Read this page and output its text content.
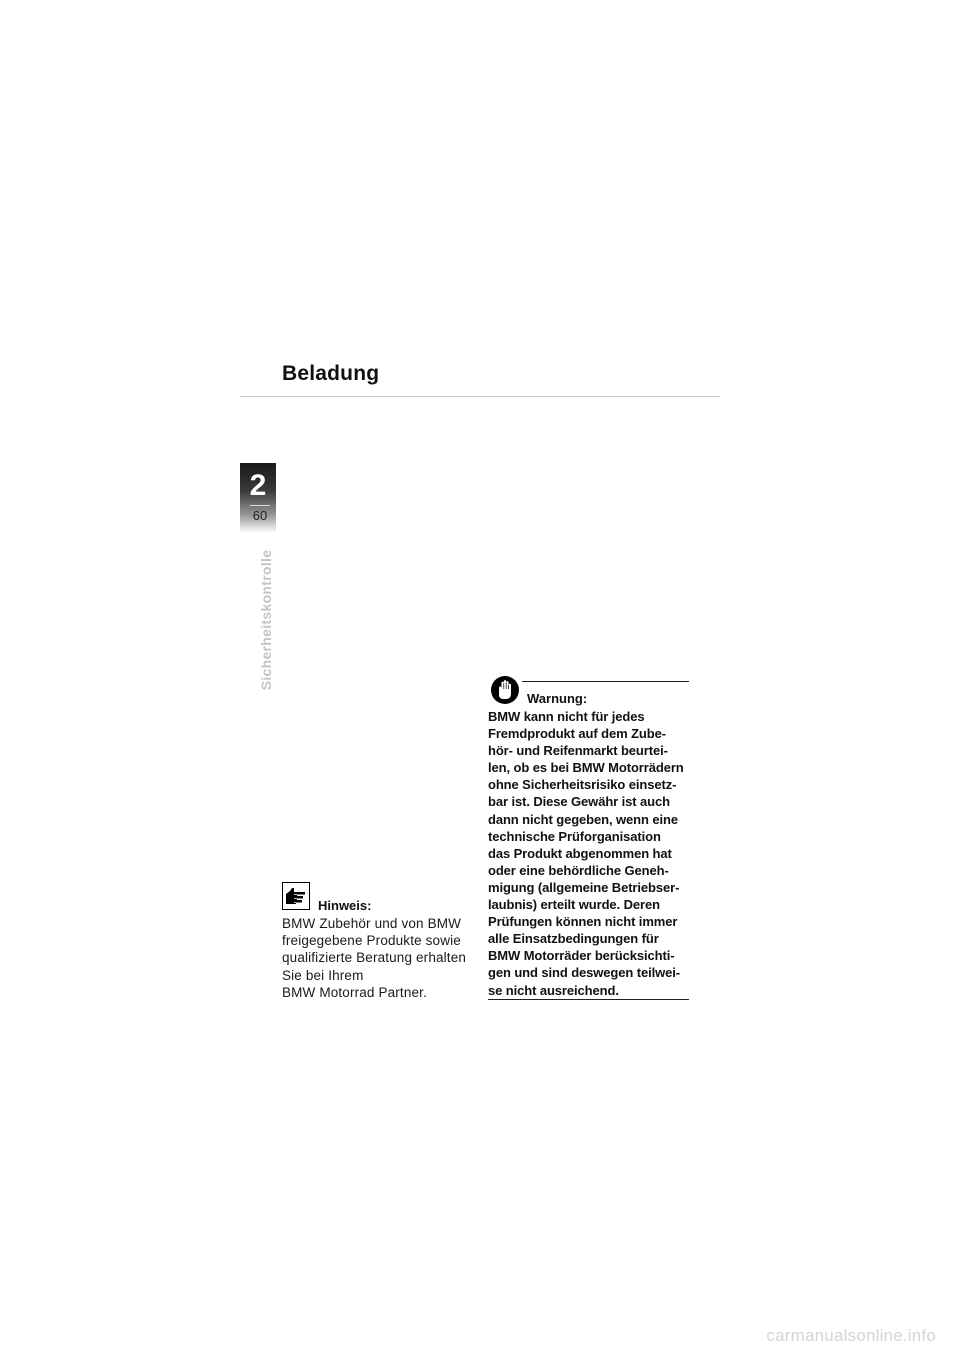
Beladung
2
60
Sicherheitskontrolle
Hinweis:
BMW Zubehör und von BMW
freigegebene Produkte sowie
qualifizierte Beratung erhalten
Sie bei Ihrem
BMW Motorrad Partner.
Warnung:
BMW kann nicht für jedes
Fremdprodukt auf dem Zube-
hör- und Reifenmarkt beurtei-
len, ob es bei BMW Motorrädern
ohne Sicherheitsrisiko einsetz-
bar ist. Diese Gewähr ist auch
dann nicht gegeben, wenn eine
technische Prüforganisation
das Produkt abgenommen hat
oder eine behördliche Geneh-
migung (allgemeine Betriebser-
laubnis) erteilt wurde. Deren
Prüfungen können nicht immer
alle Einsatzbedingungen für
BMW Motorräder berücksichti-
gen und sind deswegen teilwei-
se nicht ausreichend.
carmanualsonline.info
